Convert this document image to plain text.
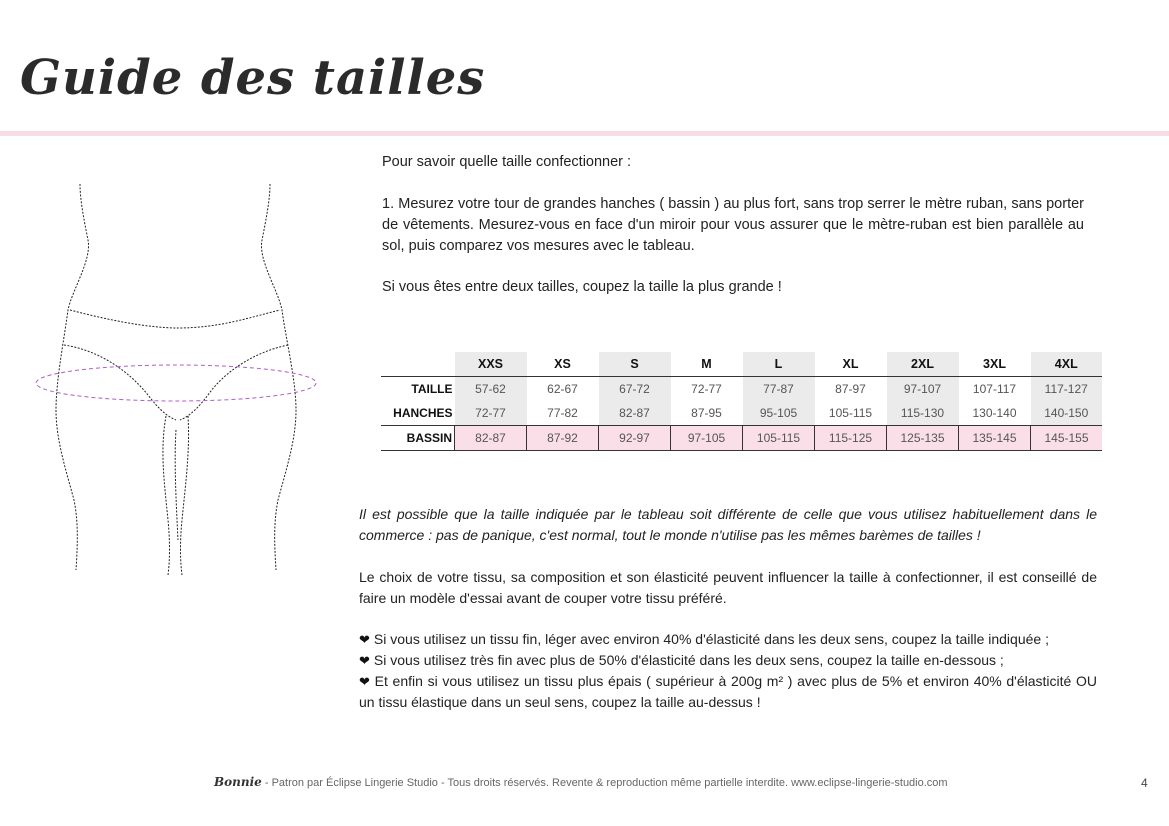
Guide des tailles
Pour savoir quelle taille confectionner :
1. Mesurez votre tour de grandes hanches ( bassin ) au plus fort, sans trop serrer le mètre ruban, sans porter de vêtements. Mesurez-vous en face d'un miroir pour vous assurer que le mètre-ruban est bien parallèle au sol, puis comparez vos mesures avec le tableau.
Si vous êtes entre deux tailles, coupez la taille la plus grande !
	XXS	XS	S	M	L	XL	2XL	3XL	4XL
TAILLE	57-62	62-67	67-72	72-77	77-87	87-97	97-107	107-117	117-127
HANCHES	72-77	77-82	82-87	87-95	95-105	105-115	115-130	130-140	140-150
BASSIN	82-87	87-92	92-97	97-105	105-115	115-125	125-135	135-145	145-155
Il est possible que la taille indiquée par le tableau soit différente de celle que vous utilisez habituellement dans le commerce : pas de panique, c'est normal, tout le monde n'utilise pas les mêmes barèmes de tailles !
Le choix de votre tissu, sa composition et son élasticité peuvent influencer la taille à confectionner, il est conseillé de faire un modèle d'essai avant de couper votre tissu préféré.
❤ Si vous utilisez un tissu fin, léger avec environ 40% d'élasticité dans les deux sens, coupez la taille indiquée ;
❤ Si vous utilisez très fin avec plus de 50% d'élasticité dans les deux sens, coupez la taille en-dessous ;
❤ Et enfin si vous utilisez un tissu plus épais ( supérieur à 200g m² ) avec plus de 5% et environ 40% d'élasticité OU un tissu élastique dans un seul sens, coupez la taille au-dessus !
Bonnie - Patron par Éclipse Lingerie Studio - Tous droits réservés. Revente & reproduction même partielle interdite. www.eclipse-lingerie-studio.com	4
